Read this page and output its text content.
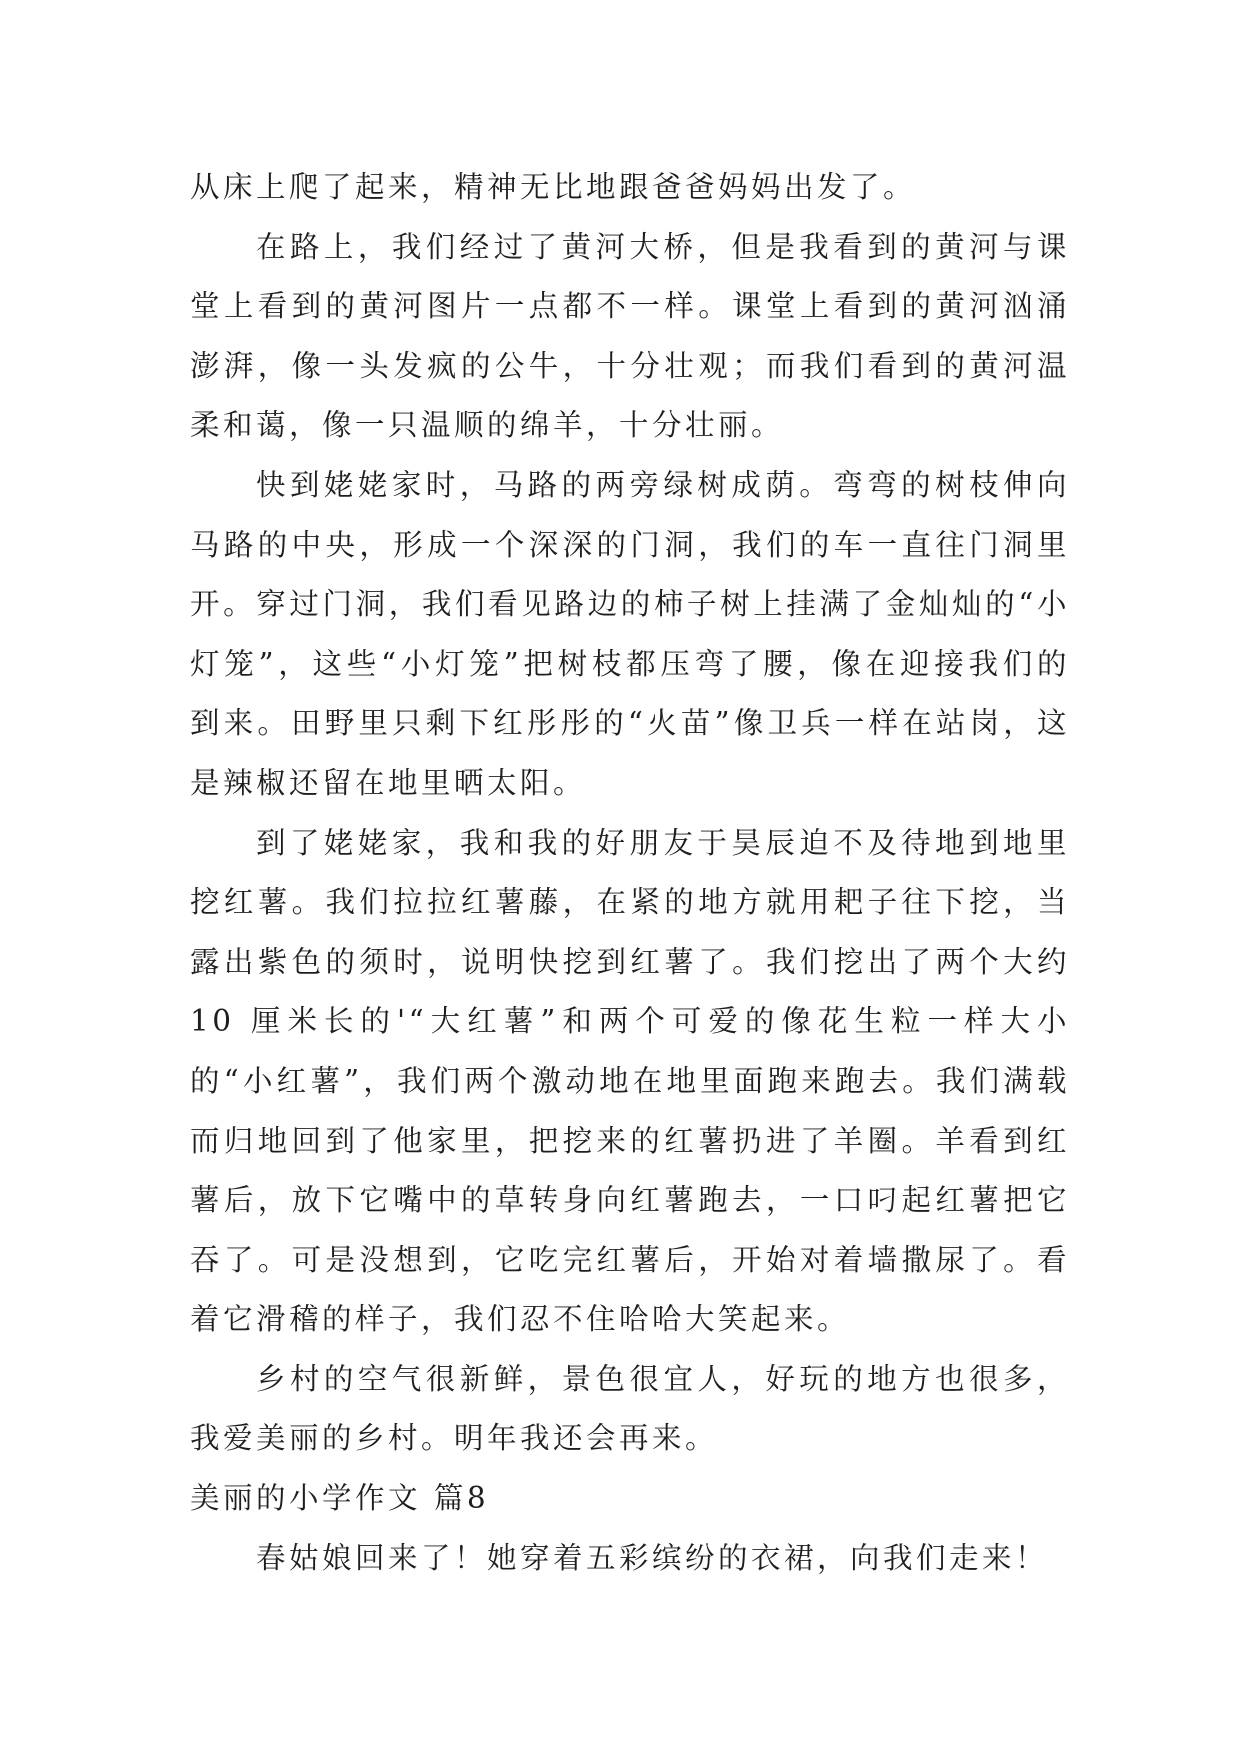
从床上爬了起来，精神无比地跟爸爸妈妈出发了。

在路上，我们经过了黄河大桥，但是我看到的黄河与课堂上看到的黄河图片一点都不一样。课堂上看到的黄河汹涌澎湃，像一头发疯的公牛，十分壮观；而我们看到的黄河温柔和蔼，像一只温顺的绵羊，十分壮丽。

快到姥姥家时，马路的两旁绿树成荫。弯弯的树枝伸向马路的中央，形成一个深深的门洞，我们的车一直往门洞里开。穿过门洞，我们看见路边的柿子树上挂满了金灿灿的“小灯笼”，这些“小灯笼”把树枝都压弯了腰，像在迎接我们的到来。田野里只剩下红彤彤的“火苗”像卫兵一样在站岗，这是辣椒还留在地里晒太阳。

到了姥姥家，我和我的好朋友于昊辰迫不及待地到地里挖红薯。我们拉拉红薯藤，在紧的地方就用耙子往下挖，当露出紫色的须时，说明快挖到红薯了。我们挖出了两个大约10 厘米长的'“大红薯”和两个可爱的像花生粒一样大小的“小红薯”，我们两个激动地在地里面跑来跑去。我们满载而归地回到了他家里，把挖来的红薯扔进了羊圈。羊看到红薯后，放下它嘴中的草转身向红薯跑去，一口叼起红薯把它吞了。可是没想到，它吃完红薯后，开始对着墙撒尿了。看着它滑稽的样子，我们忍不住哈哈大笑起来。

乡村的空气很新鲜，景色很宜人，好玩的地方也很多，我爱美丽的乡村。明年我还会再来。

美丽的小学作文 篇8

春姑娘回来了！她穿着五彩缤纷的衣裙，向我们走来！
